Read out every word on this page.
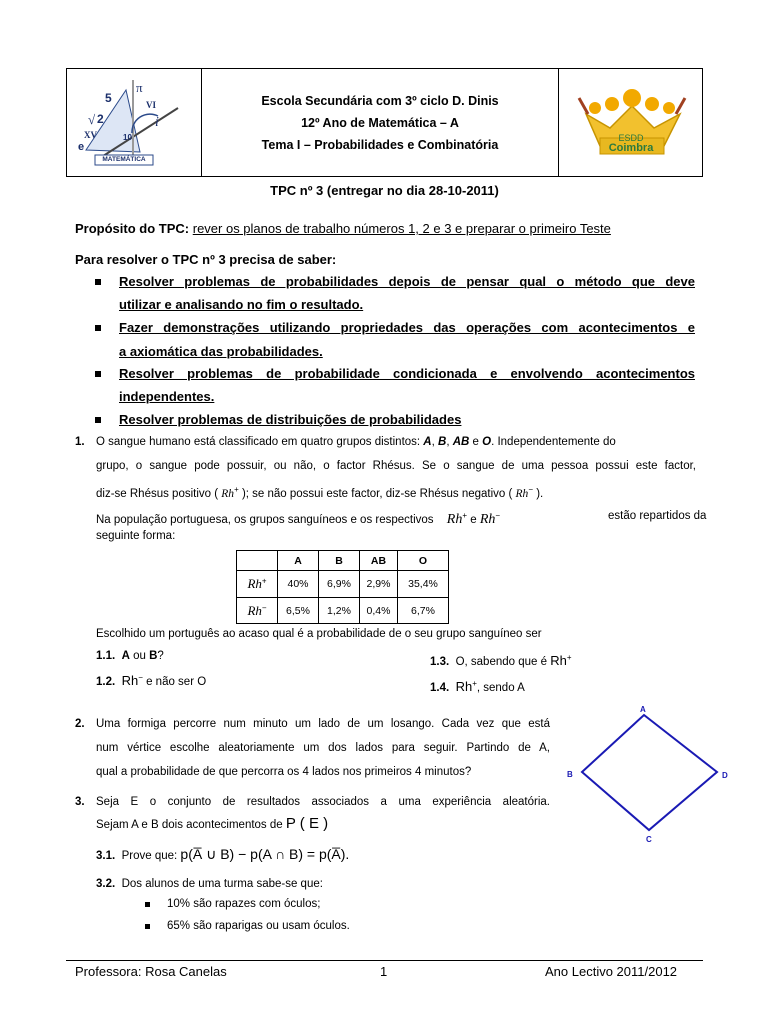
5
π
VI
2
√	i
XV	10
e
MATEMÁTICA
Escola Secundária com 3º ciclo D. Dinis
12º Ano de Matemática – A
Tema I – Probabilidades e Combinatória	ESDD
Coimbra
TPC nº 3 (entregar no dia 28-10-2011)
Propósito do TPC: rever os planos de trabalho números 1, 2 e 3 e preparar o primeiro Teste
Para resolver o TPC nº 3 precisa de saber:
Resolver problemas de probabilidades depois de pensar qual o método que deve
utilizar e analisando no fim o resultado.
Fazer demonstrações utilizando propriedades das operações com acontecimentos e
a axiomática das probabilidades.
Resolver problemas de probabilidade condicionada e envolvendo acontecimentos
independentes.
Resolver problemas de distribuições de probabilidades
1. O sangue humano está classificado em quatro grupos distintos: A, B, AB e O. Independentemente do
grupo, o sangue pode possuir, ou não, o factor Rhésus. Se o sangue de uma pessoa possui este factor,
diz-se Rhésus positivo ( Rh+ ); se não possui este factor, diz-se Rhésus negativo ( Rh− ).
Na população portuguesa, os grupos sanguíneos e os respectivos Rh+ e Rh−	estão repartidos da
seguinte forma:
	A	B	AB	O
Rh+	40%	6,9%	2,9%	35,4%
Rh−	6,5%	1,2%	0,4%	6,7%
Escolhido um português ao acaso qual é a probabilidade de o seu grupo sanguíneo ser
1.1. A ou B?
1.2. Rh− e não ser O
1.3. O, sabendo que é Rh+
1.4. Rh+, sendo A
2. Uma formiga percorre num minuto um lado de um losango. Cada vez que está
num vértice escolhe aleatoriamente um dos lados para seguir. Partindo de A,
qual a probabilidade de que percorra os 4 lados nos primeiros 4 minutos?
A
B
C
D
3. Seja E o conjunto de resultados associados a uma experiência aleatória.
Sejam A e B dois acontecimentos de P ( E )
3.1. Prove que: p(A̅ ∪ B) − p(A ∩ B) = p(A̅).
3.2. Dos alunos de uma turma sabe-se que:
10% são rapazes com óculos;
65% são raparigas ou usam óculos.
Professora: Rosa Canelas	1	Ano Lectivo 2011/2012
